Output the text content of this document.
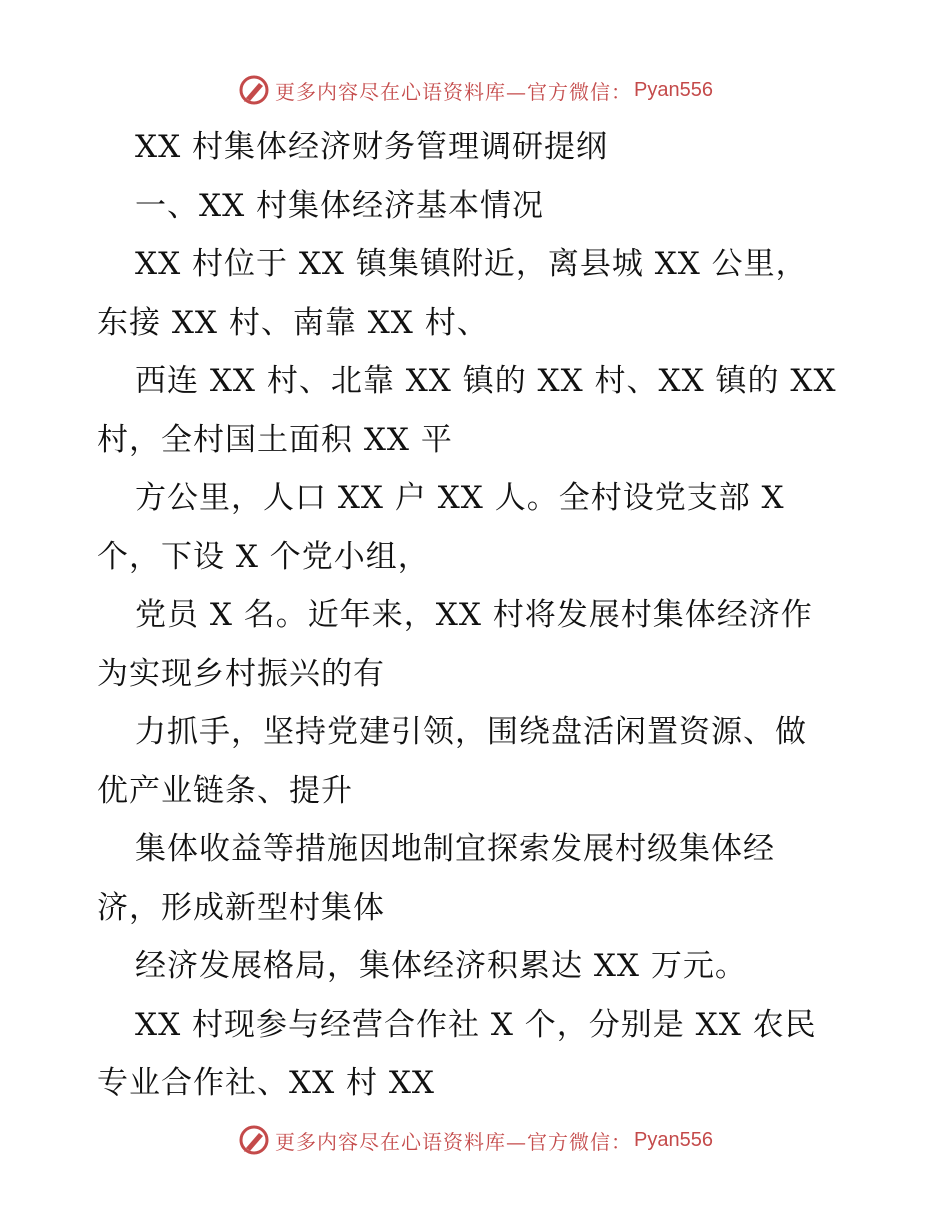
更多内容尽在心语资料库—官方微信： Pyan556
XX 村集体经济财务管理调研提纲
一、XX 村集体经济基本情况
XX 村位于 XX 镇集镇附近，离县城 XX 公里，
东接 XX 村、南靠 XX 村、
西连 XX 村、北靠 XX 镇的 XX 村、XX 镇的 XX
村，全村国土面积 XX 平
方公里，人口 XX 户 XX 人。全村设党支部 X
个，下设 X 个党小组，
党员 X 名。近年来，XX 村将发展村集体经济作
为实现乡村振兴的有
力抓手，坚持党建引领，围绕盘活闲置资源、做
优产业链条、提升
集体收益等措施因地制宜探索发展村级集体经
济，形成新型村集体
经济发展格局，集体经济积累达 XX 万元。
XX 村现参与经营合作社 X 个，分别是 XX 农民
专业合作社、XX 村 XX
更多内容尽在心语资料库—官方微信： Pyan556
